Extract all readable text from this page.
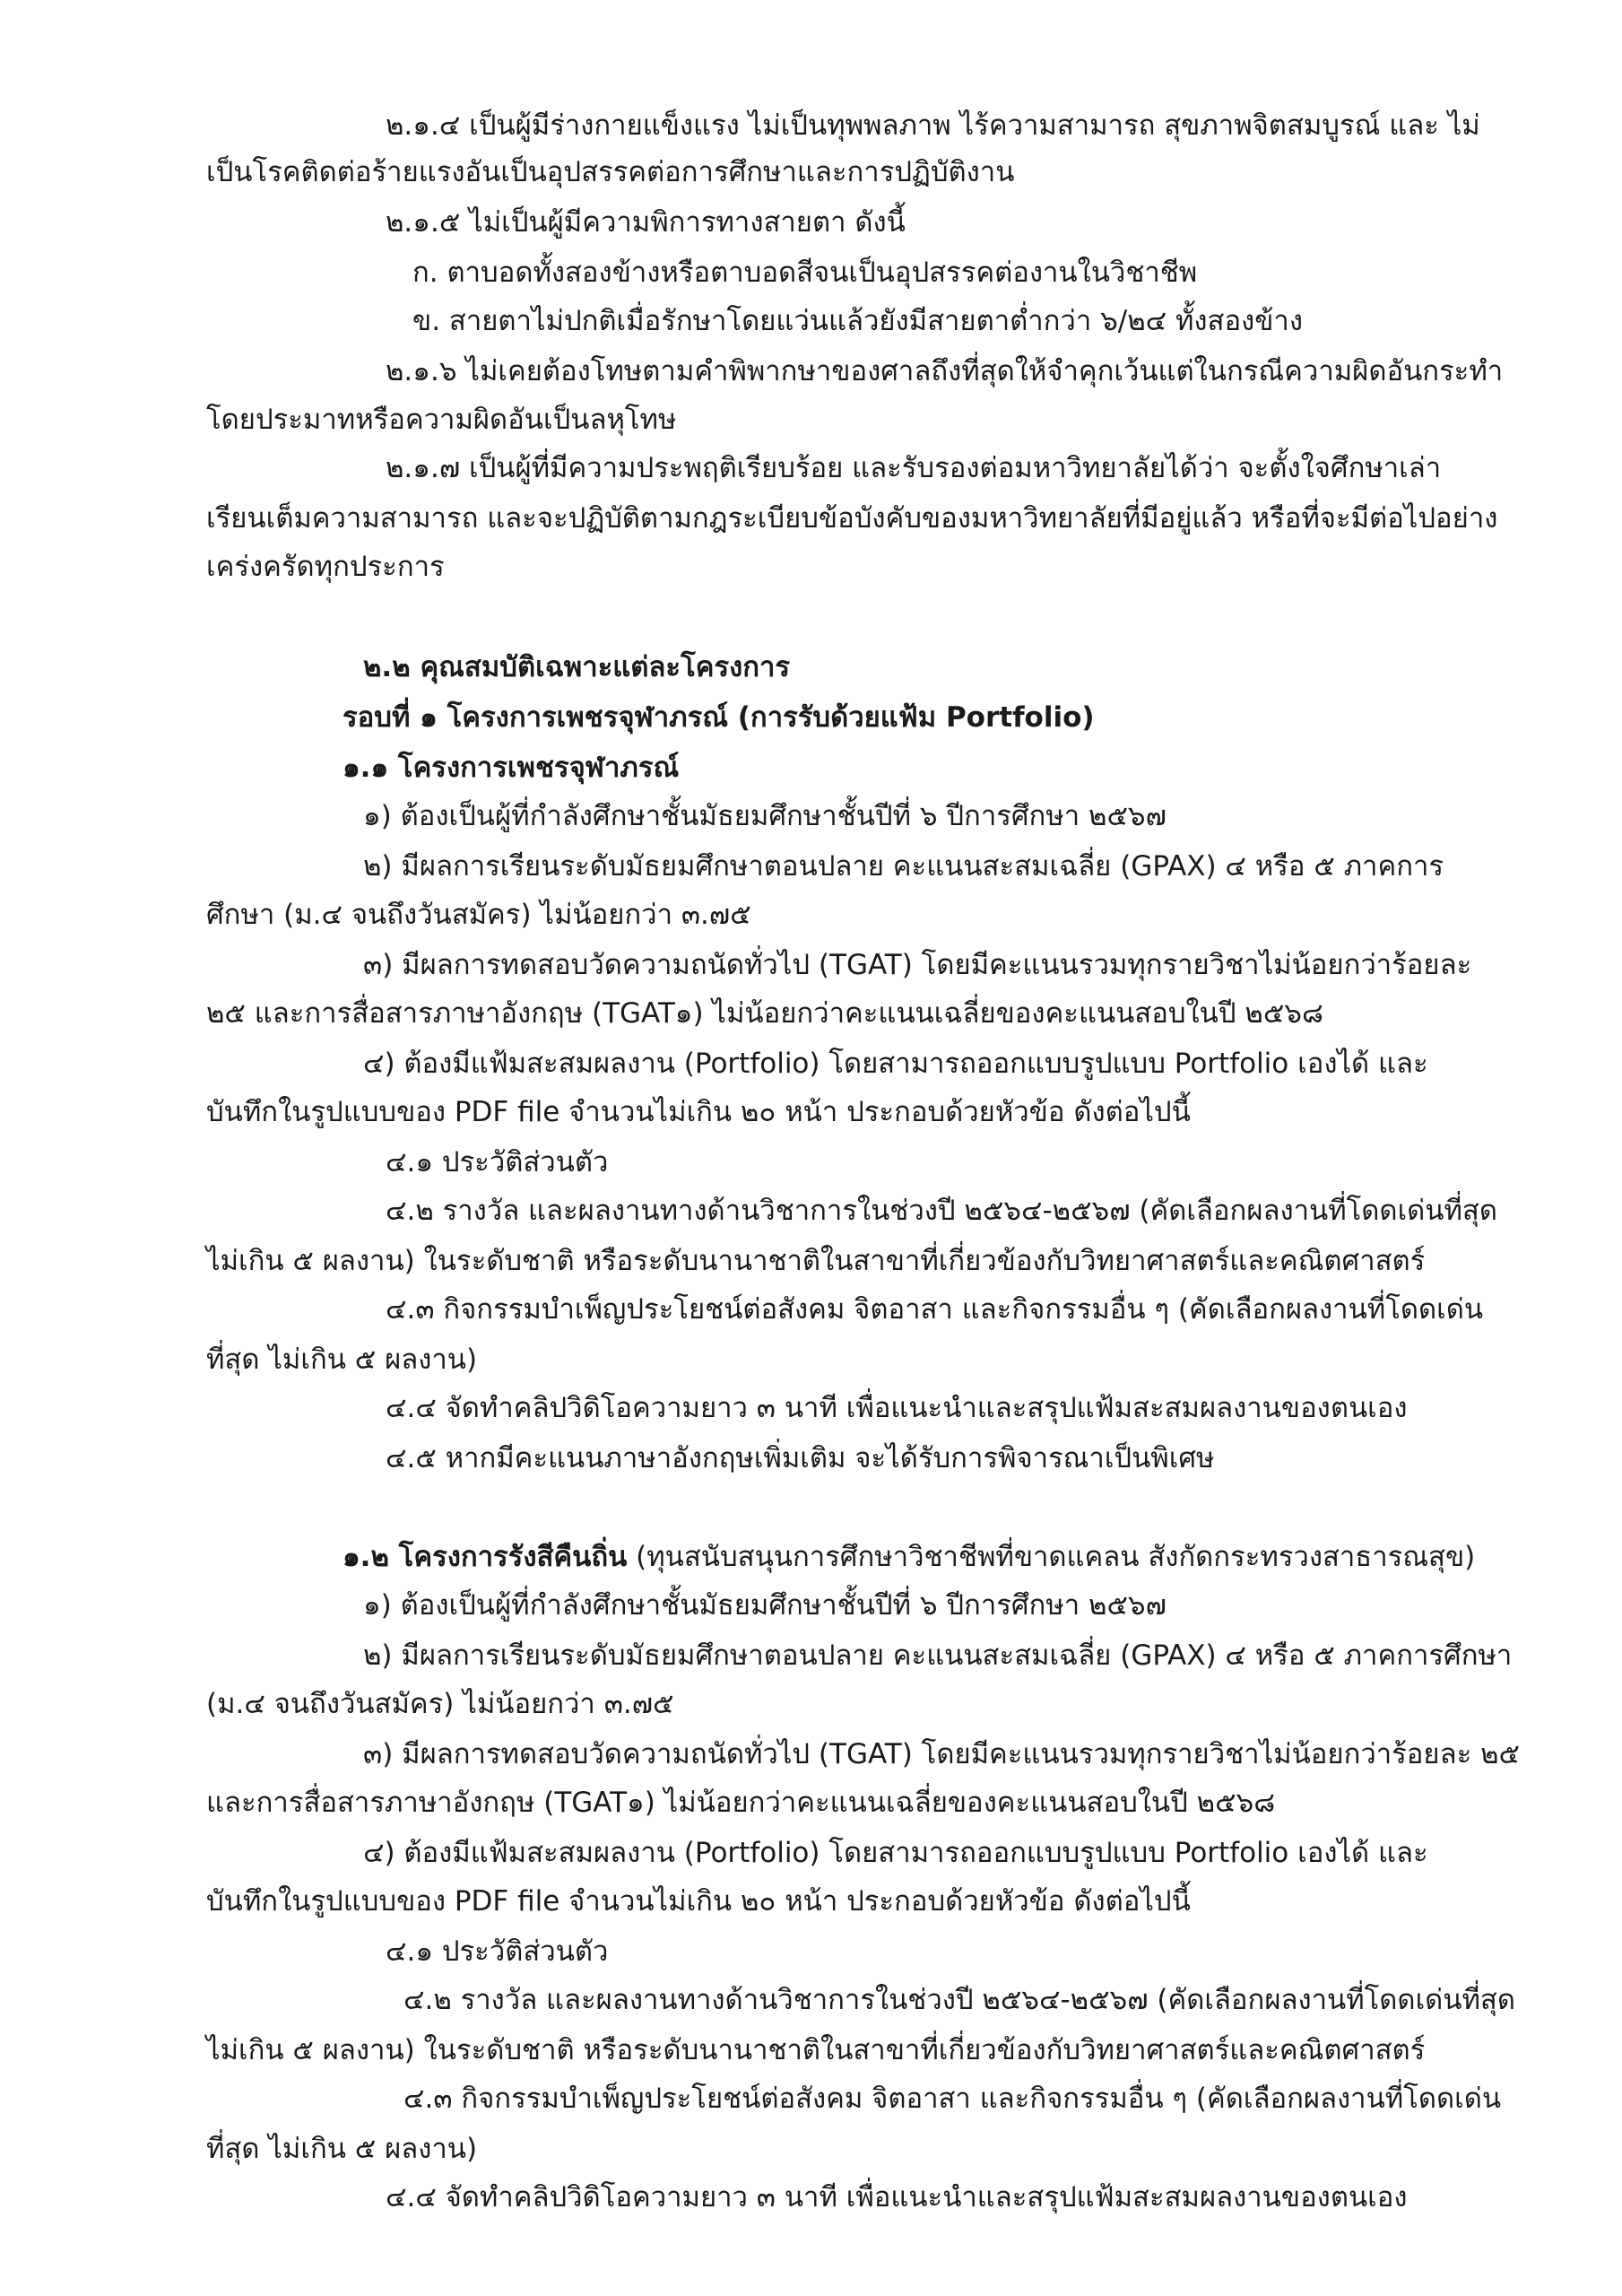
๒.๑.๔ เป็นผู้มีร่างกายแข็งแรง ไม่เป็นทุพพลภาพ ไร้ความสามารถ สุขภาพจิตสมบูรณ์ และ ไม่
เป็นโรคติดต่อร้ายแรงอันเป็นอุปสรรคต่อการศึกษาและการปฏิบัติงาน
๒.๑.๕ ไม่เป็นผู้มีความพิการทางสายตา ดังนี้
ก. ตาบอดทั้งสองข้างหรือตาบอดสีจนเป็นอุปสรรคต่องานในวิชาชีพ
ข. สายตาไม่ปกติเมื่อรักษาโดยแว่นแล้วยังมีสายตาต่ำกว่า ๖/๒๔ ทั้งสองข้าง
๒.๑.๖ ไม่เคยต้องโทษตามคำพิพากษาของศาลถึงที่สุดให้จำคุกเว้นแต่ในกรณีความผิดอันกระทำ
โดยประมาทหรือความผิดอันเป็นลหุโทษ
๒.๑.๗ เป็นผู้ที่มีความประพฤติเรียบร้อย และรับรองต่อมหาวิทยาลัยได้ว่า จะตั้งใจศึกษาเล่า
เรียนเต็มความสามารถ และจะปฏิบัติตามกฎระเบียบข้อบังคับของมหาวิทยาลัยที่มีอยู่แล้ว หรือที่จะมีต่อไปอย่าง
เคร่งครัดทุกประการ
๒.๒ คุณสมบัติเฉพาะแต่ละโครงการ
รอบที่ ๑ โครงการเพชรจุฬาภรณ์ (การรับด้วยแฟ้ม Portfolio)
๑.๑ โครงการเพชรจุฬาภรณ์
๑) ต้องเป็นผู้ที่กำลังศึกษาชั้นมัธยมศึกษาชั้นปีที่ ๖ ปีการศึกษา ๒๕๖๗
๒) มีผลการเรียนระดับมัธยมศึกษาตอนปลาย คะแนนสะสมเฉลี่ย (GPAX) ๔ หรือ ๕ ภาคการ
ศึกษา (ม.๔ จนถึงวันสมัคร) ไม่น้อยกว่า ๓.๗๕
๓) มีผลการทดสอบวัดความถนัดทั่วไป (TGAT) โดยมีคะแนนรวมทุกรายวิชาไม่น้อยกว่าร้อยละ
๒๕ และการสื่อสารภาษาอังกฤษ (TGAT๑) ไม่น้อยกว่าคะแนนเฉลี่ยของคะแนนสอบในปี ๒๕๖๘
๔) ต้องมีแฟ้มสะสมผลงาน (Portfolio) โดยสามารถออกแบบรูปแบบ Portfolio เองได้ และ
บันทึกในรูปแบบของ PDF file จำนวนไม่เกิน ๒๐ หน้า ประกอบด้วยหัวข้อ ดังต่อไปนี้
๔.๑ ประวัติส่วนตัว
๔.๒ รางวัล และผลงานทางด้านวิชาการในช่วงปี ๒๕๖๔-๒๕๖๗ (คัดเลือกผลงานที่โดดเด่นที่สุด
ไม่เกิน ๕ ผลงาน) ในระดับชาติ หรือระดับนานาชาติในสาขาที่เกี่ยวข้องกับวิทยาศาสตร์และคณิตศาสตร์
๔.๓ กิจกรรมบำเพ็ญประโยชน์ต่อสังคม จิตอาสา และกิจกรรมอื่น ๆ (คัดเลือกผลงานที่โดดเด่น
ที่สุด ไม่เกิน ๕ ผลงาน)
๔.๔ จัดทำคลิปวิดิโอความยาว ๓ นาที เพื่อแนะนำและสรุปแฟ้มสะสมผลงานของตนเอง
๔.๕ หากมีคะแนนภาษาอังกฤษเพิ่มเติม จะได้รับการพิจารณาเป็นพิเศษ
๑.๒ โครงการรังสีคืนถิ่น (ทุนสนับสนุนการศึกษาวิชาชีพที่ขาดแคลน สังกัดกระทรวงสาธารณสุข)
๑) ต้องเป็นผู้ที่กำลังศึกษาชั้นมัธยมศึกษาชั้นปีที่ ๖ ปีการศึกษา ๒๕๖๗
๒) มีผลการเรียนระดับมัธยมศึกษาตอนปลาย คะแนนสะสมเฉลี่ย (GPAX) ๔ หรือ ๕ ภาคการศึกษา
(ม.๔ จนถึงวันสมัคร) ไม่น้อยกว่า ๓.๗๕
๓) มีผลการทดสอบวัดความถนัดทั่วไป (TGAT) โดยมีคะแนนรวมทุกรายวิชาไม่น้อยกว่าร้อยละ ๒๕
และการสื่อสารภาษาอังกฤษ (TGAT๑) ไม่น้อยกว่าคะแนนเฉลี่ยของคะแนนสอบในปี ๒๕๖๘
๔) ต้องมีแฟ้มสะสมผลงาน (Portfolio) โดยสามารถออกแบบรูปแบบ Portfolio เองได้ และ
บันทึกในรูปแบบของ PDF file จำนวนไม่เกิน ๒๐ หน้า ประกอบด้วยหัวข้อ ดังต่อไปนี้
๔.๑ ประวัติส่วนตัว
๔.๒ รางวัล และผลงานทางด้านวิชาการในช่วงปี ๒๕๖๔-๒๕๖๗ (คัดเลือกผลงานที่โดดเด่นที่สุด
ไม่เกิน ๕ ผลงาน) ในระดับชาติ หรือระดับนานาชาติในสาขาที่เกี่ยวข้องกับวิทยาศาสตร์และคณิตศาสตร์
๔.๓ กิจกรรมบำเพ็ญประโยชน์ต่อสังคม จิตอาสา และกิจกรรมอื่น ๆ (คัดเลือกผลงานที่โดดเด่น
ที่สุด ไม่เกิน ๕ ผลงาน)
๔.๔ จัดทำคลิปวิดิโอความยาว ๓ นาที เพื่อแนะนำและสรุปแฟ้มสะสมผลงานของตนเอง
